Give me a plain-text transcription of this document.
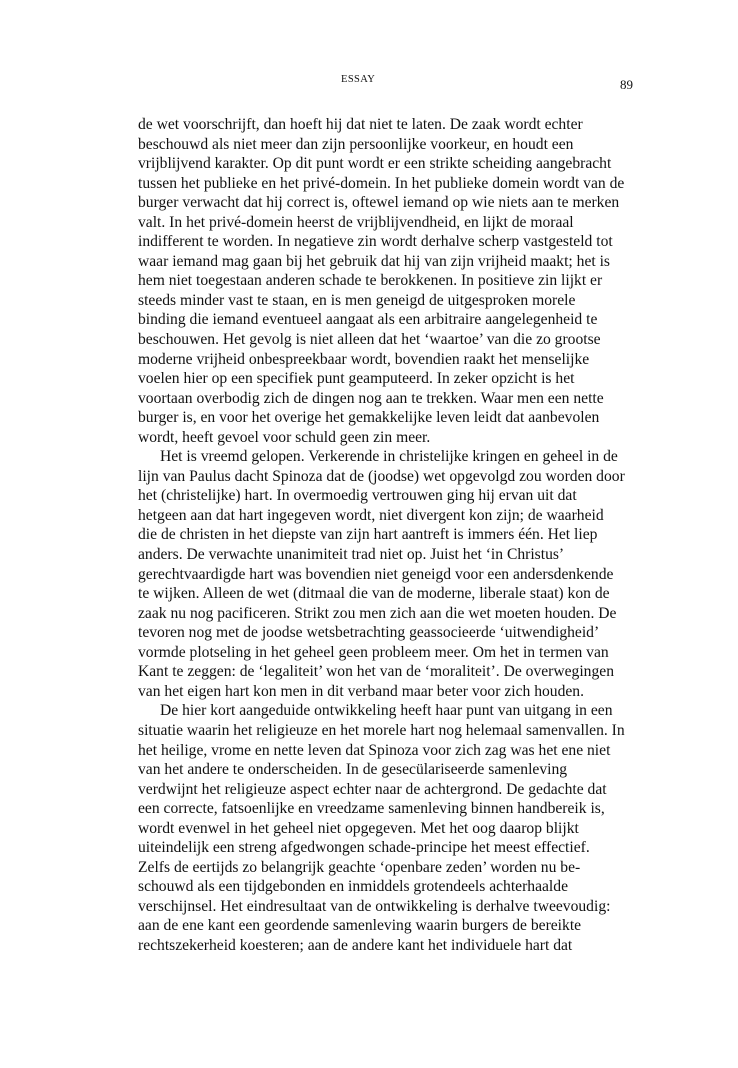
ESSAY	89
de wet voorschrijft, dan hoeft hij dat niet te laten. De zaak wordt echter
beschouwd als niet meer dan zijn persoonlijke voorkeur, en houdt een
vrijblijvend karakter. Op dit punt wordt er een strikte scheiding aangebracht
tussen het publieke en het privé-domein. In het publieke domein wordt van de
burger verwacht dat hij correct is, oftewel iemand op wie niets aan te merken
valt. In het privé-domein heerst de vrijblijvendheid, en lijkt de moraal
indifferent te worden. In negatieve zin wordt derhalve scherp vastgesteld tot
waar iemand mag gaan bij het gebruik dat hij van zijn vrijheid maakt; het is
hem niet toegestaan anderen schade te berokkenen. In positieve zin lijkt er
steeds minder vast te staan, en is men geneigd de uitgesproken morele
binding die iemand eventueel aangaat als een arbitraire aangelegenheid te
beschouwen. Het gevolg is niet alleen dat het ‘waartoe’ van die zo grootse
moderne vrijheid onbespreekbaar wordt, bovendien raakt het menselijke
voelen hier op een specifiek punt geamputeerd. In zeker opzicht is het
voortaan overbodig zich de dingen nog aan te trekken. Waar men een nette
burger is, en voor het overige het gemakkelijke leven leidt dat aanbevolen
wordt, heeft gevoel voor schuld geen zin meer.
Het is vreemd gelopen. Verkerende in christelijke kringen en geheel in de
lijn van Paulus dacht Spinoza dat de (joodse) wet opgevolgd zou worden door
het (christelijke) hart. In overmoedig vertrouwen ging hij ervan uit dat
hetgeen aan dat hart ingegeven wordt, niet divergent kon zijn; de waarheid
die de christen in het diepste van zijn hart aantreft is immers één. Het liep
anders. De verwachte unanimiteit trad niet op. Juist het ‘in Christus’
gerechtvaardigde hart was bovendien niet geneigd voor een andersdenkende
te wijken. Alleen de wet (ditmaal die van de moderne, liberale staat) kon de
zaak nu nog pacificeren. Strikt zou men zich aan die wet moeten houden. De
tevoren nog met de joodse wetsbetrachting geassocieerde ‘uitwendigheid’
vormde plotseling in het geheel geen probleem meer. Om het in termen van
Kant te zeggen: de ‘legaliteit’ won het van de ‘moraliteit’. De overwegingen
van het eigen hart kon men in dit verband maar beter voor zich houden.
De hier kort aangeduide ontwikkeling heeft haar punt van uitgang in een
situatie waarin het religieuze en het morele hart nog helemaal samenvallen. In
het heilige, vrome en nette leven dat Spinoza voor zich zag was het ene niet
van het andere te onderscheiden. In de gesecülariseerde samenleving
verdwijnt het religieuze aspect echter naar de achtergrond. De gedachte dat
een correcte, fatsoenlijke en vreedzame samenleving binnen handbereik is,
wordt evenwel in het geheel niet opgegeven. Met het oog daarop blijkt
uiteindelijk een streng afgedwongen schade-principe het meest effectief.
Zelfs de eertijds zo belangrijk geachte ‘openbare zeden’ worden nu be-
schouwd als een tijdgebonden en inmiddels grotendeels achterhaalde
verschijnsel. Het eindresultaat van de ontwikkeling is derhalve tweevoudig:
aan de ene kant een geordende samenleving waarin burgers de bereikte
rechtszekerheid koesteren; aan de andere kant het individuele hart dat
